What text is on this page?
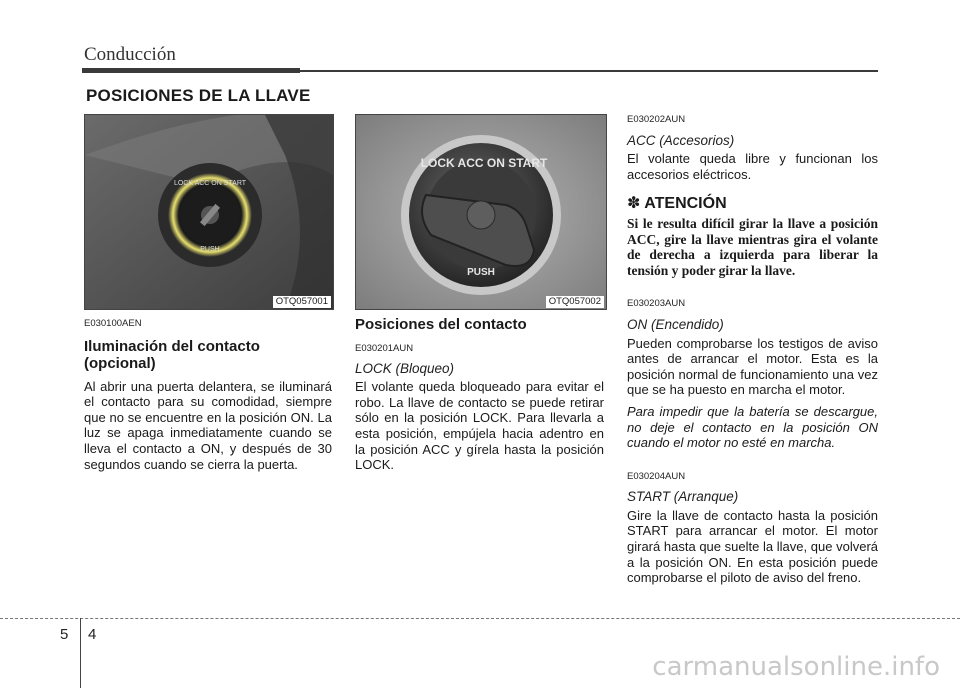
Conducción
POSICIONES DE LA LLAVE
LOCK ACC ON START
PUSH
OTQ057001
LOCK ACC ON START
PUSH
OTQ057002

E030100AEN

Iluminación del contacto (opcional)

Al abrir una puerta delantera, se iluminará el contacto para su comodidad, siempre que no se encuentre en la posición ON. La luz se apaga inmediatamente cuando se lleva el contacto a ON, y después de 30 segundos cuando se cierra la puerta.

Posiciones del contacto

E030201AUN

LOCK (Bloqueo)

El volante queda bloqueado para evitar el robo. La llave de contacto se puede retirar sólo en la posición LOCK. Para llevarla a esta posición, empújela hacia adentro en la posición ACC y gírela hasta la posición LOCK.

E030202AUN

ACC (Accesorios)

El volante queda libre y funcionan los accesorios eléctricos.

✽ ATENCIÓN

Si le resulta difícil girar la llave a posición ACC, gire la llave mientras gira el volante de derecha a izquierda para liberar la tensión y poder girar la llave.

E030203AUN

ON (Encendido)

Pueden comprobarse los testigos de aviso antes de arrancar el motor. Esta es la posición normal de funcionamiento una vez que se ha puesto en marcha el motor.

Para impedir que la batería se descargue, no deje el contacto en la posición ON cuando el motor no esté en marcha.

E030204AUN

START (Arranque)

Gire la llave de contacto hasta la posición START para arrancar el motor. El motor girará hasta que suelte la llave, que volverá a la posición ON. En esta posición puede comprobarse el piloto de aviso del freno.

5 4
carmanualsonline.info
